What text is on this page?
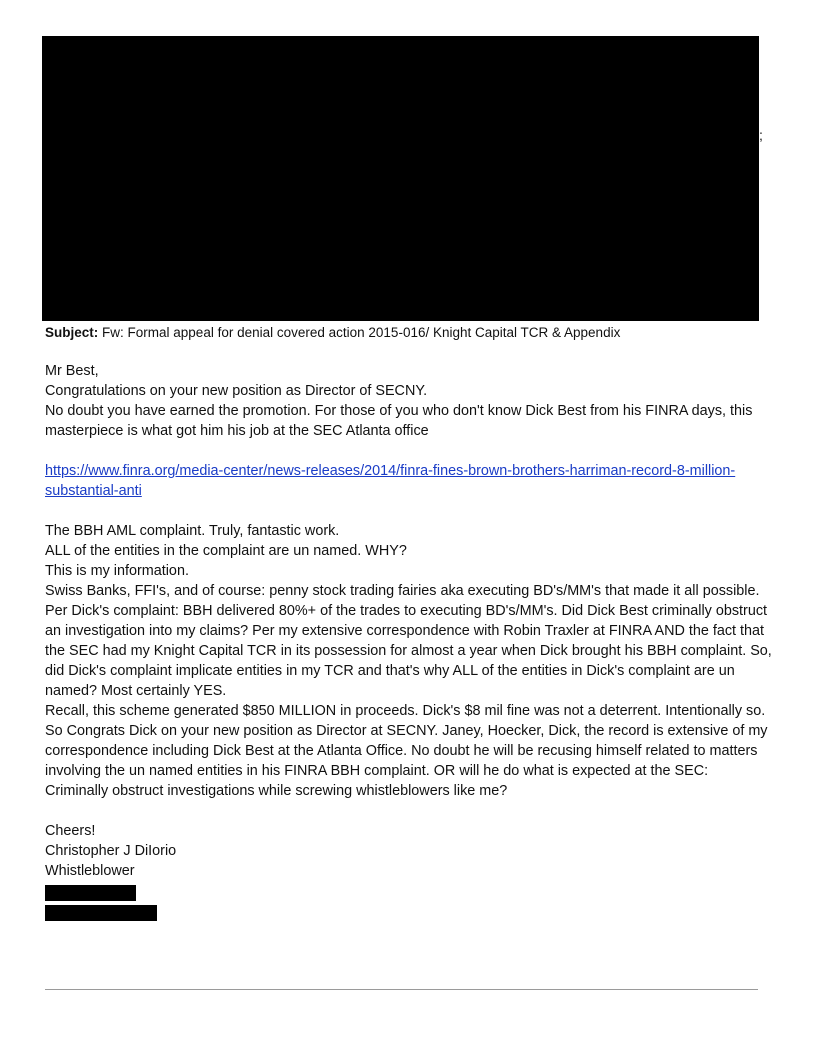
;
Subject: Fw: Formal appeal for denial covered action 2015-016/ Knight Capital TCR & Appendix

Mr Best,

Congratulations on your new position as Director of SECNY.

No doubt you have earned the promotion. For those of you who don't know Dick Best from his FINRA days, this masterpiece is what got him his job at the SEC Atlanta office

https://www.finra.org/media-center/news-releases/2014/finra-fines-brown-brothers-harriman-record-8-million-substantial-anti

The BBH AML complaint. Truly, fantastic work.

ALL of the entities in the complaint are un named. WHY?

This is my information.

Swiss Banks, FFI's, and of course: penny stock trading fairies aka executing BD's/MM's that made it all possible.

Per Dick's complaint: BBH delivered 80%+ of the trades to executing BD's/MM's. Did Dick Best criminally obstruct an investigation into my claims? Per my extensive correspondence with Robin Traxler at FINRA AND the fact that the SEC had my Knight Capital TCR in its possession for almost a year when Dick brought his BBH complaint. So, did Dick's complaint implicate entities in my TCR and that's why ALL of the entities in Dick's complaint are un named? Most certainly YES.

Recall, this scheme generated $850 MILLION in proceeds. Dick's $8 mil fine was not a deterrent. Intentionally so.

So Congrats Dick on your new position as Director at SECNY. Janey, Hoecker, Dick, the record is extensive of my correspondence including Dick Best at the Atlanta Office. No doubt he will be recusing himself related to matters involving the un named entities in his FINRA BBH complaint. OR will he do what is expected at the SEC: Criminally obstruct investigations while screwing whistleblowers like me?

Cheers!

Christopher J DiIorio

Whistleblower
